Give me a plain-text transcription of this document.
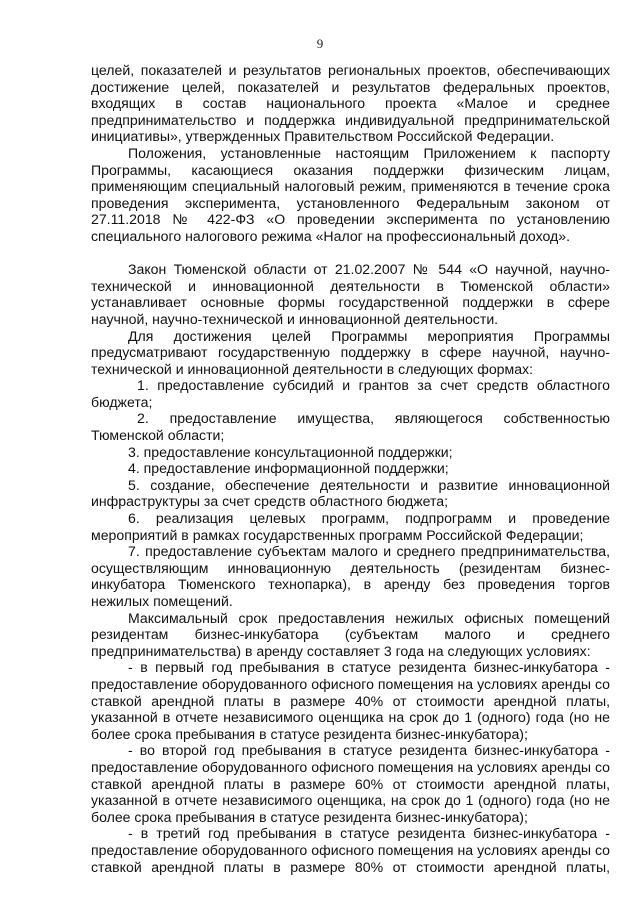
9

целей, показателей и результатов региональных проектов, обеспечивающих достижение целей, показателей и результатов федеральных проектов, входящих в состав национального проекта «Малое и среднее предпринимательство и поддержка индивидуальной предпринимательской инициативы», утвержденных Правительством Российской Федерации.

Положения, установленные настоящим Приложением к паспорту Программы, касающиеся оказания поддержки физическим лицам, применяющим специальный налоговый режим, применяются в течение срока проведения эксперимента, установленного Федеральным законом от 27.11.2018 № 422-ФЗ «О проведении эксперимента по установлению специального налогового режима «Налог на профессиональный доход».

Закон Тюменской области от 21.02.2007 № 544 «О научной, научно-технической и инновационной деятельности в Тюменской области» устанавливает основные формы государственной поддержки в сфере научной, научно-технической и инновационной деятельности.

Для достижения целей Программы мероприятия Программы предусматривают государственную поддержку в сфере научной, научно-технической и инновационной деятельности в следующих формах:

1. предоставление субсидий и грантов за счет средств областного бюджета;

2. предоставление имущества, являющегося собственностью Тюменской области;

3. предоставление консультационной поддержки;

4. предоставление информационной поддержки;

5. создание, обеспечение деятельности и развитие инновационной инфраструктуры за счет средств областного бюджета;

6. реализация целевых программ, подпрограмм и проведение мероприятий в рамках государственных программ Российской Федерации;

7. предоставление субъектам малого и среднего предпринимательства, осуществляющим инновационную деятельность (резидентам бизнес-инкубатора Тюменского технопарка), в аренду без проведения торгов нежилых помещений.

Максимальный срок предоставления нежилых офисных помещений резидентам бизнес-инкубатора (субъектам малого и среднего предпринимательства) в аренду составляет 3 года на следующих условиях:

- в первый год пребывания в статусе резидента бизнес-инкубатора - предоставление оборудованного офисного помещения на условиях аренды со ставкой арендной платы в размере 40% от стоимости арендной платы, указанной в отчете независимого оценщика на срок до 1 (одного) года (но не более срока пребывания в статусе резидента бизнес-инкубатора);

- во второй год пребывания в статусе резидента бизнес-инкубатора - предоставление оборудованного офисного помещения на условиях аренды со ставкой арендной платы в размере 60% от стоимости арендной платы, указанной в отчете независимого оценщика, на срок до 1 (одного) года (но не более срока пребывания в статусе резидента бизнес-инкубатора);

- в третий год пребывания в статусе резидента бизнес-инкубатора - предоставление оборудованного офисного помещения на условиях аренды со ставкой арендной платы в размере 80% от стоимости арендной платы,
